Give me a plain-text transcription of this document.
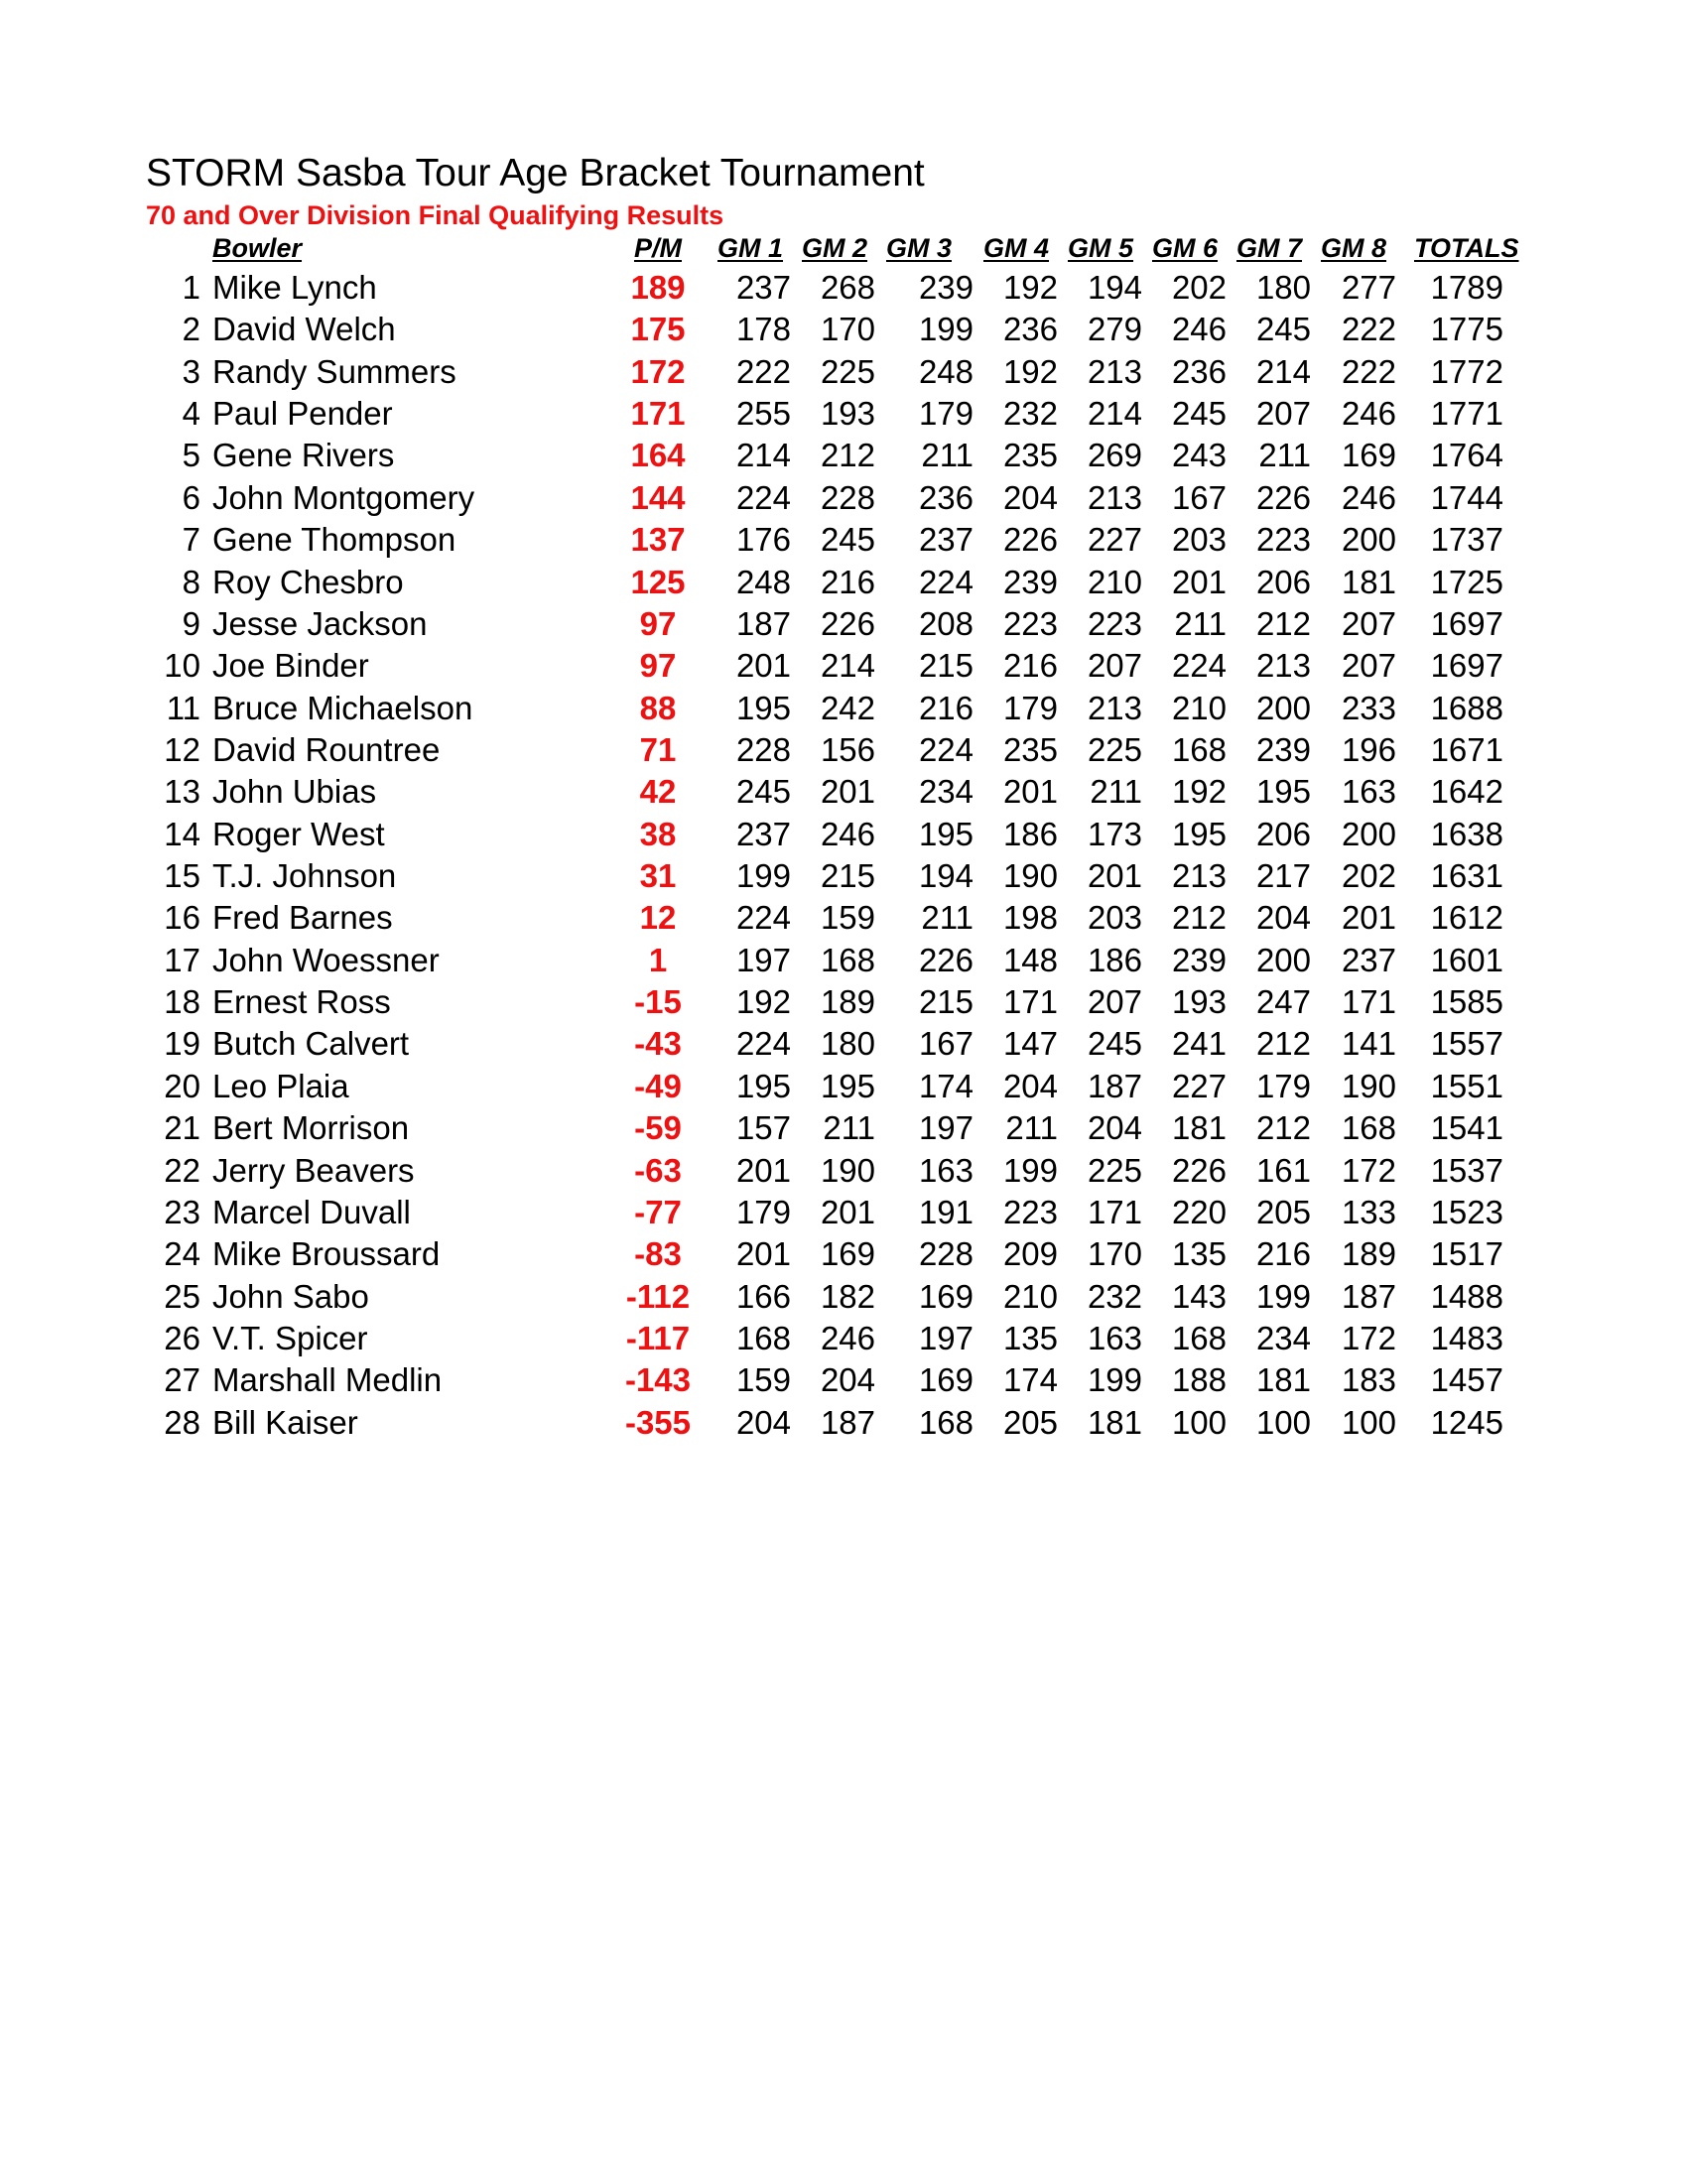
STORM Sasba Tour Age Bracket Tournament
70 and Over Division Final Qualifying Results
Bowler	P/M	GM 1 GM 2 GM 3 GM 4 GM 5 GM 6 GM 7 GM 8 TOTALS
1 Mike Lynch	189	237 268 239 192 194 202 180 277 1789
2 David Welch	175	178 170 199 236 279 246 245 222 1775
3 Randy Summers	172	222 225 248 192 213 236 214 222 1772
4 Paul Pender	171	255 193 179 232 214 245 207 246 1771
5 Gene Rivers	164	214 212 211 235 269 243 211 169 1764
6 John Montgomery	144	224 228 236 204 213 167 226 246 1744
7 Gene Thompson	137	176 245 237 226 227 203 223 200 1737
8 Roy Chesbro	125	248 216 224 239 210 201 206 181 1725
9 Jesse Jackson	97	187 226 208 223 223 211 212 207 1697
10 Joe Binder	97	201 214 215 216 207 224 213 207 1697
11 Bruce Michaelson	88	195 242 216 179 213 210 200 233 1688
12 David Rountree	71	228 156 224 235 225 168 239 196 1671
13 John Ubias	42	245 201 234 201 211 192 195 163 1642
14 Roger West	38	237 246 195 186 173 195 206 200 1638
15 T.J. Johnson	31	199 215 194 190 201 213 217 202 1631
16 Fred Barnes	12	224 159 211 198 203 212 204 201 1612
17 John Woessner	1	197 168 226 148 186 239 200 237 1601
18 Ernest Ross	-15	192 189 215 171 207 193 247 171 1585
19 Butch Calvert	-43	224 180 167 147 245 241 212 141 1557
20 Leo Plaia	-49	195 195 174 204 187 227 179 190 1551
21 Bert Morrison	-59	157 211 197 211 204 181 212 168 1541
22 Jerry Beavers	-63	201 190 163 199 225 226 161 172 1537
23 Marcel Duvall	-77	179 201 191 223 171 220 205 133 1523
24 Mike Broussard	-83	201 169 228 209 170 135 216 189 1517
25 John Sabo	-112	166 182 169 210 232 143 199 187 1488
26 V.T. Spicer	-117	168 246 197 135 163 168 234 172 1483
27 Marshall Medlin	-143	159 204 169 174 199 188 181 183 1457
28 Bill Kaiser	-355	204 187 168 205 181 100 100 100 1245
